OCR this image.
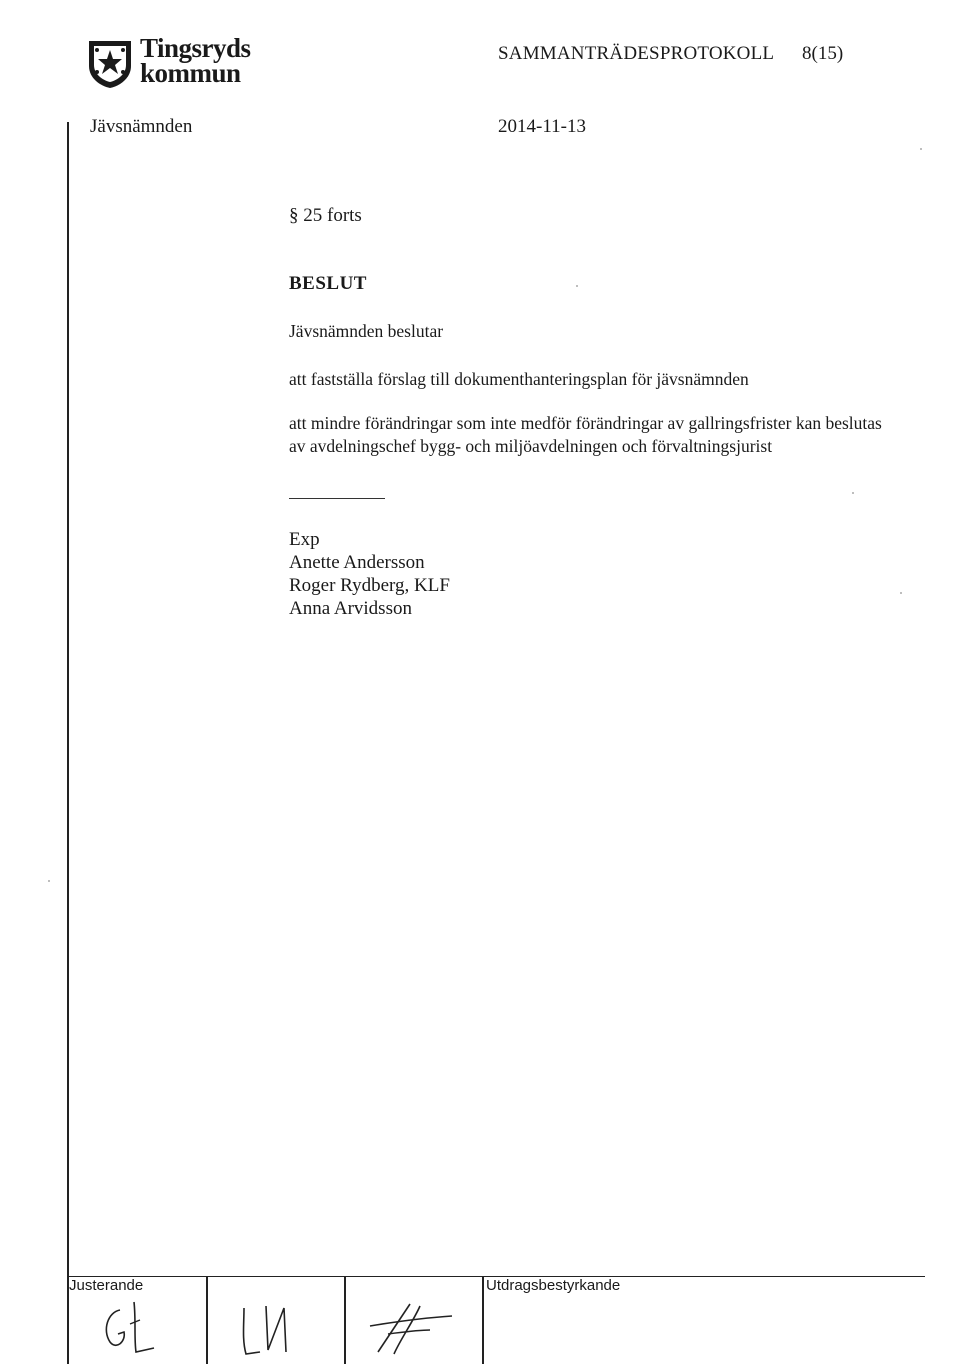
Tingsryds
kommun
SAMMANTRÄDESPROTOKOLL 8(15)
Jävsnämnden	2014-11-13
§ 25 forts
BESLUT
Jävsnämnden beslutar
att fastställa förslag till dokumenthanteringsplan för jävsnämnden
att mindre förändringar som inte medför förändringar av gallringsfrister kan beslutas av avdelningschef bygg- och miljöavdelningen och förvaltningsjurist
Exp
Anette Andersson
Roger Rydberg, KLF
Anna Arvidsson
Justerande	Utdragsbestyrkande
